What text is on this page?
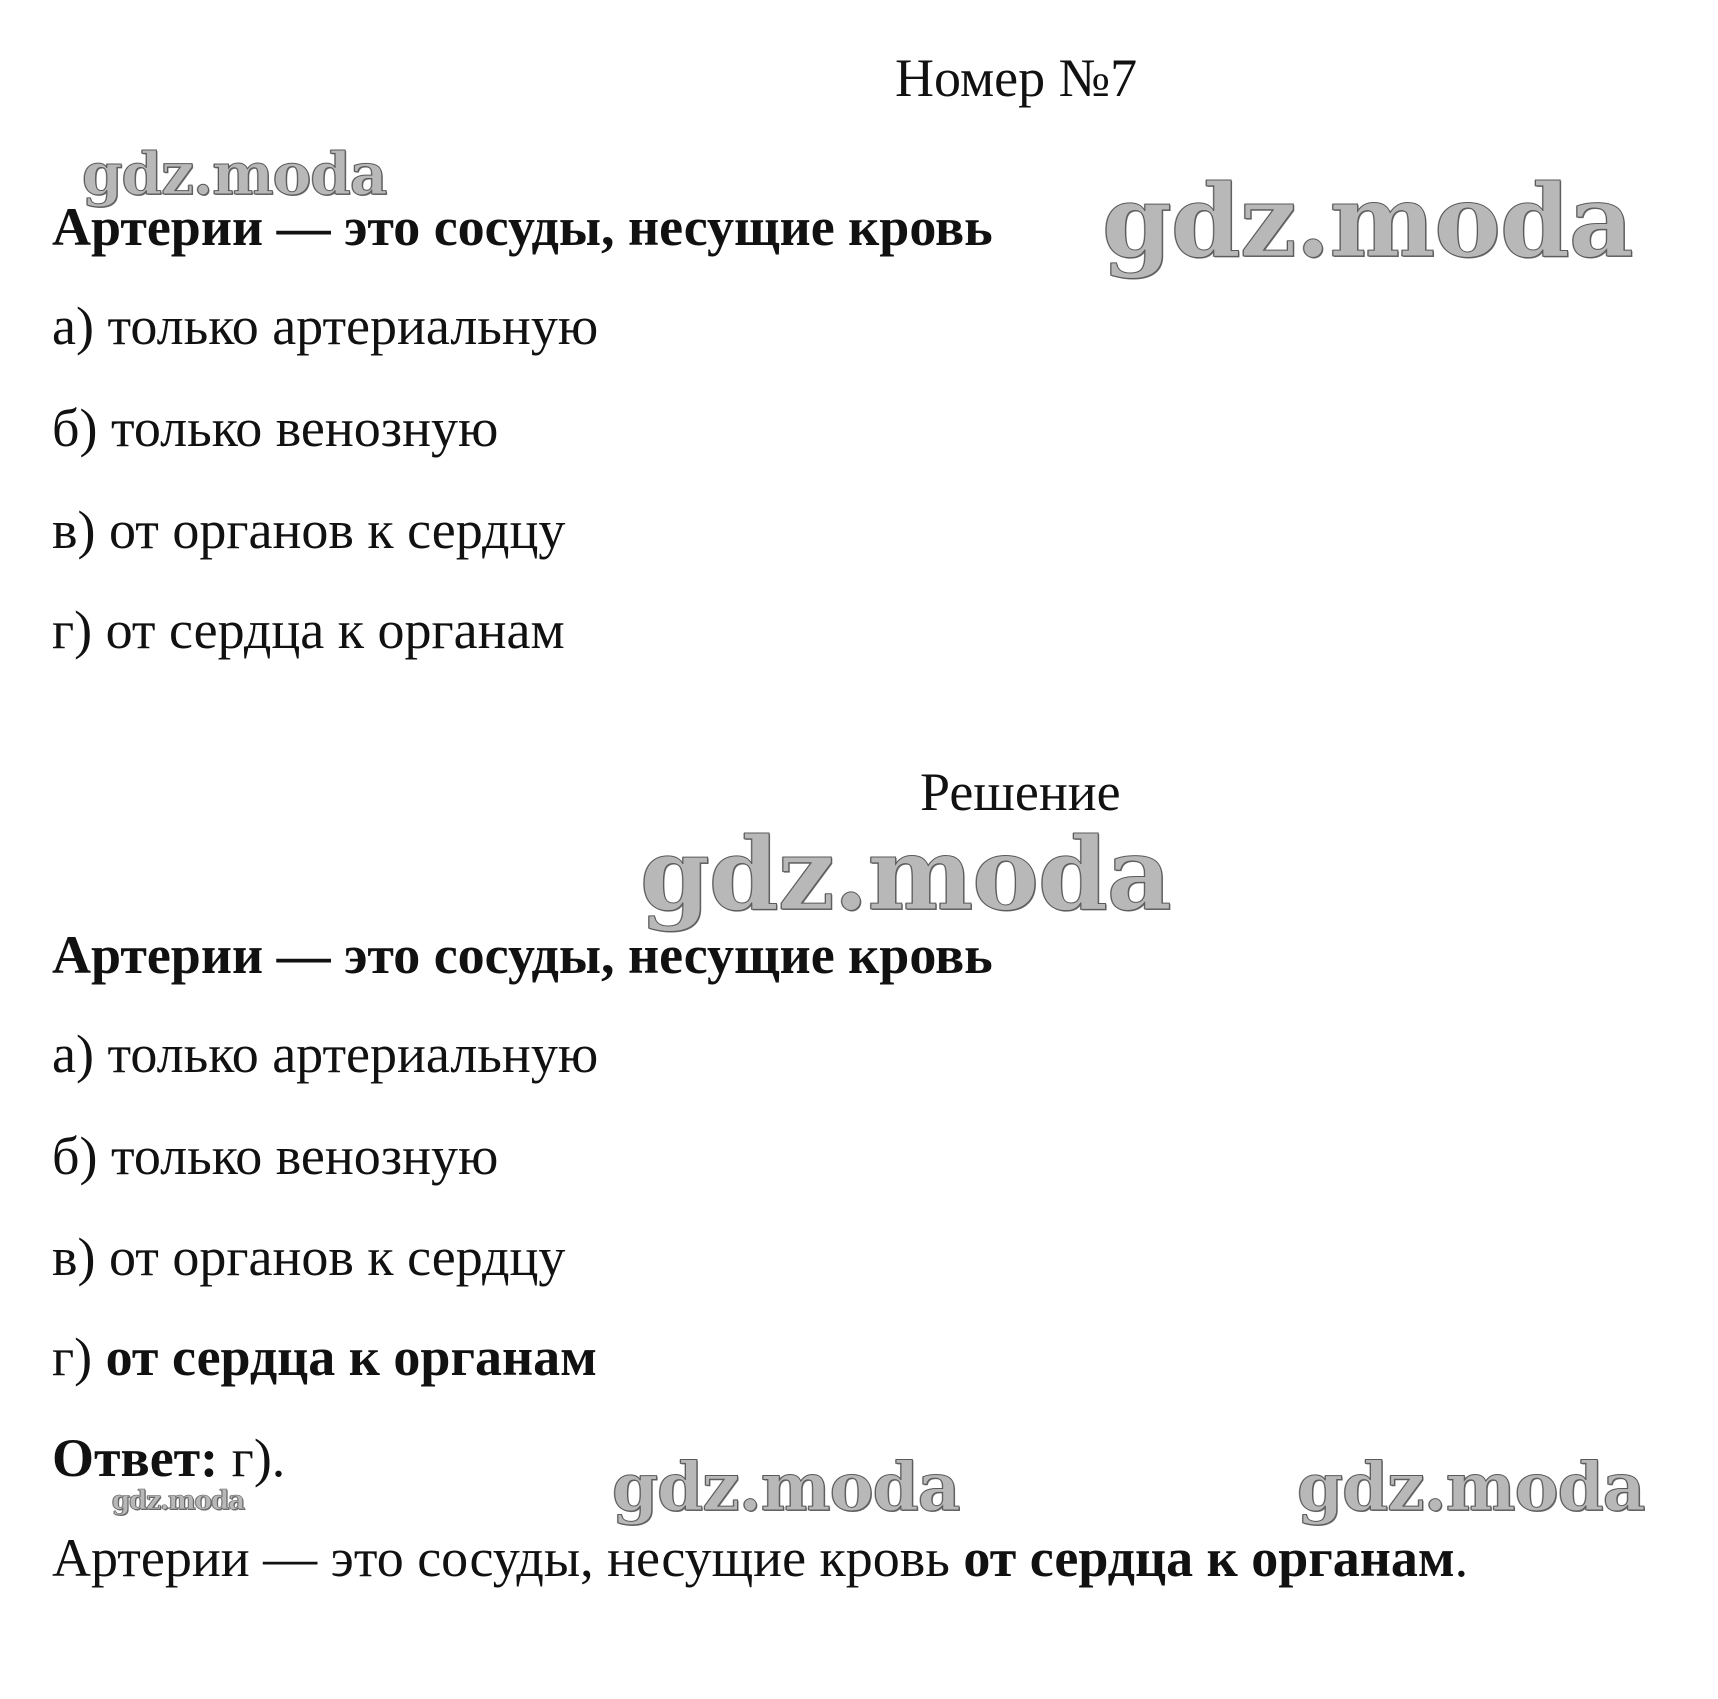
Номер №7
gdz.moda	gdz.moda
gdz.moda
gdz.moda	gdz.moda
gdz.moda
Артерии — это сосуды, несущие кровь
а) только артериальную
б) только венозную
в) от органов к сердцу
г) от сердца к органам
Решение
Артерии — это сосуды, несущие кровь
а) только артериальную
б) только венозную
в) от органов к сердцу
г) от сердца к органам
Ответ: г).
Артерии — это сосуды, несущие кровь от сердца к органам.
